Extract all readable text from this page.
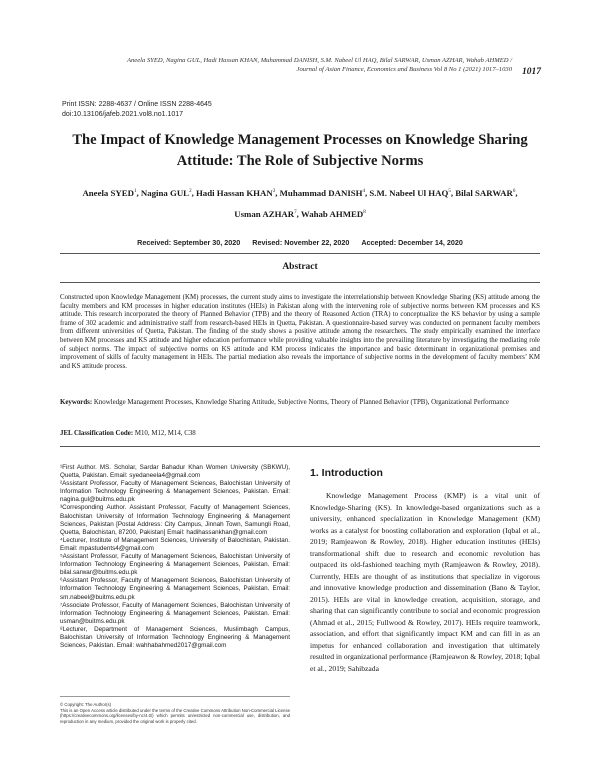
Aneela SYED, Nagina GUL, Hadi Hassan KHAN, Muhammad DANISH, S.M. Nabeel Ul HAQ, Bilal SARWAR, Usman AZHAR, Wahab AHMED /
Journal of Asian Finance, Economics and Business Vol 8 No 1 (2021) 1017–1030 1017
Print ISSN: 2288-4637 / Online ISSN 2288-4645
doi:10.13106/jafeb.2021.vol8.no1.1017
The Impact of Knowledge Management Processes on Knowledge Sharing Attitude: The Role of Subjective Norms
Aneela SYED$^1$, Nagina GUL$^2$, Hadi Hassan KHAN$^3$, Muhammad DANISH$^4$, S.M. Nabeel Ul HAQ$^5$, Bilal SARWAR$^6$,
Usman AZHAR$^7$, Wahab AHMED$^8$
Received: September 30, 2020 Revised: November 22, 2020 Accepted: December 14, 2020
Abstract
Constructed upon Knowledge Management (KM) processes, the current study aims to investigate the interrelationship between Knowledge Sharing (KS) attitude among the faculty members and KM processes in higher education institutes (HEIs) in Pakistan along with the intervening role of subjective norms between KM processes and KS attitude. This research incorporated the theory of Planned Behavior (TPB) and the theory of Reasoned Action (TRA) to conceptualize the KS behavior by using a sample frame of 302 academic and administrative staff from research-based HEIs in Quetta, Pakistan. A questionnaire-based survey was conducted on permanent faculty members from different universities of Quetta, Pakistan. The finding of the study shows a positive attitude among the researchers. The study empirically examined the interface between KM processes and KS attitude and higher education performance while providing valuable insights into the prevailing literature by investigating the mediating role of subject norms. The impact of subjective norms on KS attitude and KM process indicates the importance and basic determinant in organizational premises and improvement of skills of faculty management in HEIs. The partial mediation also reveals the importance of subjective norms in the development of faculty members’ KM and KS attitude process.
Keywords: Knowledge Management Processes, Knowledge Sharing Attitude, Subjective Norms, Theory of Planned Behavior (TPB), Organizational Performance
JEL Classification Code: M10, M12, M14, C38

¹First Author. MS. Scholar, Sardar Bahadur Khan Women University (SBKWU), Quetta, Pakistan. Email: syedaneela4@gmail.com

²Assistant Professor, Faculty of Management Sciences, Balochistan University of Information Technology Engineering & Management Sciences, Pakistan. Email: nagina.gul@buitms.edu.pk

³Corresponding Author. Assistant Professor, Faculty of Management Sciences, Balochistan University of Information Technology Engineering & Management Sciences, Pakistan [Postal Address: City Campus, Jinnah Town, Samungli Road, Quetta, Balochistan, 87200, Pakistan] Email: hadihassankhan@gmail.com

⁴Lecturer, Institute of Management Sciences, University of Balochistan, Pakistan. Email: mpastudents4@gmail.com

⁵Assistant Professor, Faculty of Management Sciences, Balochistan University of Information Technology Engineering & Management Sciences, Pakistan. Email: bilal.sarwar@buitms.edu.pk

⁶Assistant Professor, Faculty of Management Sciences, Balochistan University of Information Technology Engineering & Management Sciences, Pakistan. Email: sm.nabeel@buitms.edu.pk

⁷Associate Professor, Faculty of Management Sciences, Balochistan University of Information Technology Engineering & Management Sciences, Pakistan. Email: usman@buitms.edu.pk

⁸Lecturer, Department of Management Sciences, Muslimbagh Campus, Balochistan University of Information Technology Engineering & Management Sciences, Pakistan. Email: wahhabahmed2017@gmail.com

© Copyright: The Author(s)
This is an Open Access article distributed under the terms of the Creative Commons Attribution Non-Commercial License (https://creativecommons.org/licenses/by-nc/4.0/) which permits unrestricted non-commercial use, distribution, and reproduction in any medium, provided the original work is properly cited.
1. Introduction
Knowledge Management Process (KMP) is a vital unit of Knowledge-Sharing (KS). In knowledge-based organizations such as a university, enhanced specialization in Knowledge Management (KM) works as a catalyst for boosting collaboration and exploration (Iqbal et al., 2019; Ramjeawon & Rowley, 2018). Higher education institutes (HEIs) transformational shift due to research and economic revolution has outpaced its old-fashioned teaching myth (Ramjeawon & Rowley, 2018). Currently, HEIs are thought of as institutions that specialize in vigorous and innovative knowledge production and dissemination (Bano & Taylor, 2015). HEIs are vital in knowledge creation, acquisition, storage, and sharing that can significantly contribute to social and economic progression (Ahmad et al., 2015; Fullwood & Rowley, 2017). HEIs require teamwork, association, and effort that significantly impact KM and can fill in as an impetus for enhanced collaboration and investigation that ultimately resulted in organizational performance (Ramjeawon & Rowley, 2018; Iqbal et al., 2019; Sahibzada
